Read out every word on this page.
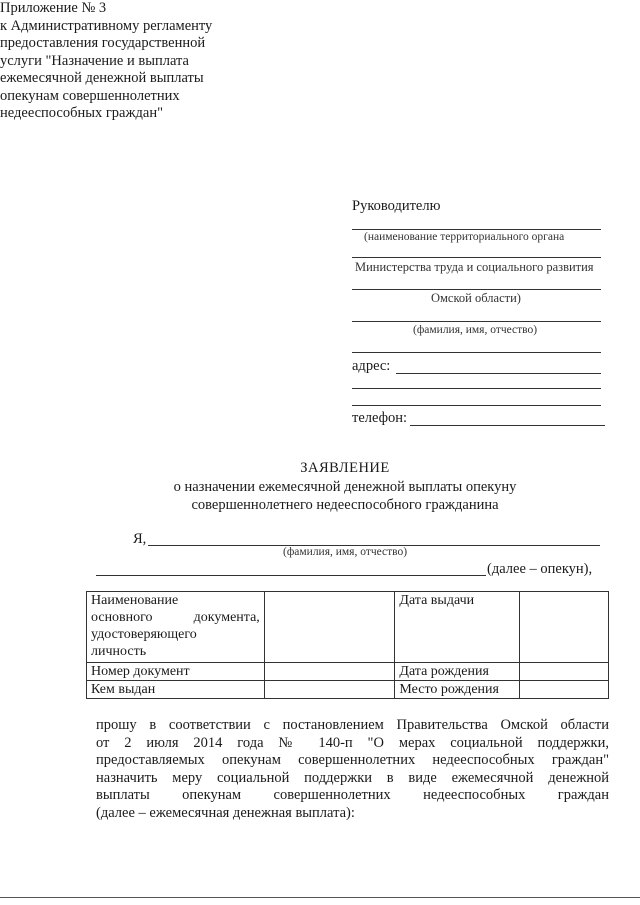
Приложение № 3
к Административному регламенту
предоставления государственной
услуги "Назначение и выплата
ежемесячной денежной выплаты
опекунам совершеннолетних
недееспособных граждан"
Руководителю
(наименование территориального органа
Министерства труда и социального развития
Омской области)
(фамилия, имя, отчество)
адрес:
телефон:
ЗАЯВЛЕНИЕ
о назначении ежемесячной денежной выплаты опекуну
совершеннолетнего недееспособного гражданина
Я,
(фамилия, имя, отчество)
(далее – опекун),
Наименование
основного документа,
удостоверяющего
личность		Дата выдачи	
Номер документ		Дата рождения	
Кем выдан		Место рождения	
прошу в соответствии с постановлением Правительства Омской области
от 2 июля 2014 года № 140-п "О мерах социальной поддержки,
предоставляемых опекунам совершеннолетних недееспособных граждан"
назначить меру социальной поддержки в виде ежемесячной денежной
выплаты опекунам совершеннолетних недееспособных граждан
(далее – ежемесячная денежная выплата):
